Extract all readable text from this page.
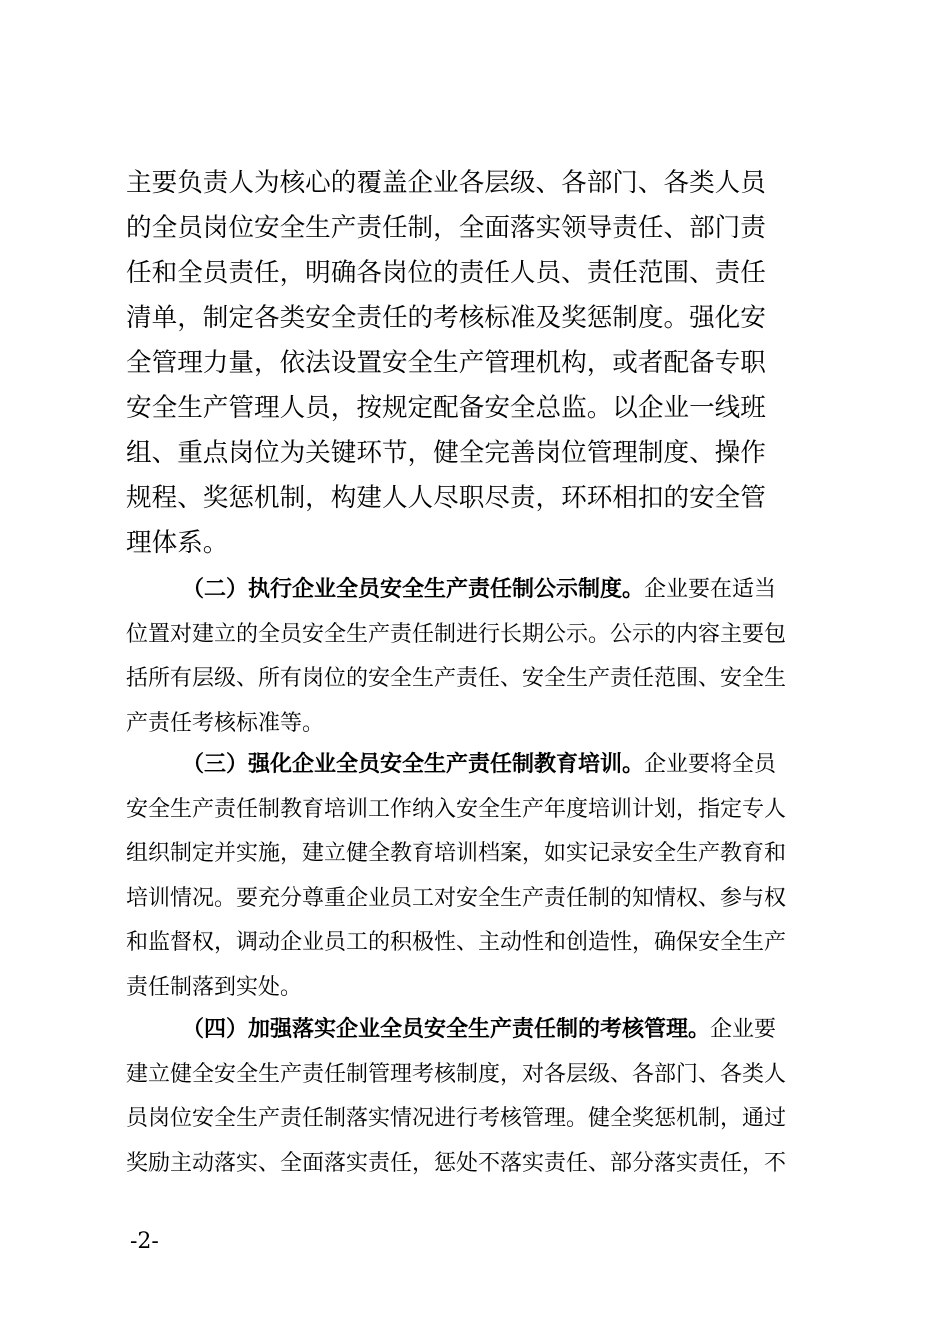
主要负责人为核心的覆盖企业各层级、各部门、各类人员
的全员岗位安全生产责任制，全面落实领导责任、部门责
任和全员责任，明确各岗位的责任人员、责任范围、责任
清单，制定各类安全责任的考核标准及奖惩制度。强化安
全管理力量，依法设置安全生产管理机构，或者配备专职
安全生产管理人员，按规定配备安全总监。以企业一线班
组、重点岗位为关键环节，健全完善岗位管理制度、操作
规程、奖惩机制，构建人人尽职尽责，环环相扣的安全管
理体系。
（二）执行企业全员安全生产责任制公示制度。企业要在适当
位置对建立的全员安全生产责任制进行长期公示。公示的内容主要包
括所有层级、所有岗位的安全生产责任、安全生产责任范围、安全生
产责任考核标准等。
（三）强化企业全员安全生产责任制教育培训。企业要将全员
安全生产责任制教育培训工作纳入安全生产年度培训计划，指定专人
组织制定并实施，建立健全教育培训档案，如实记录安全生产教育和
培训情况。要充分尊重企业员工对安全生产责任制的知情权、参与权
和监督权，调动企业员工的积极性、主动性和创造性，确保安全生产
责任制落到实处。
（四）加强落实企业全员安全生产责任制的考核管理。企业要
建立健全安全生产责任制管理考核制度，对各层级、各部门、各类人
员岗位安全生产责任制落实情况进行考核管理。健全奖惩机制，通过
奖励主动落实、全面落实责任，惩处不落实责任、部分落实责任，不
-2-
